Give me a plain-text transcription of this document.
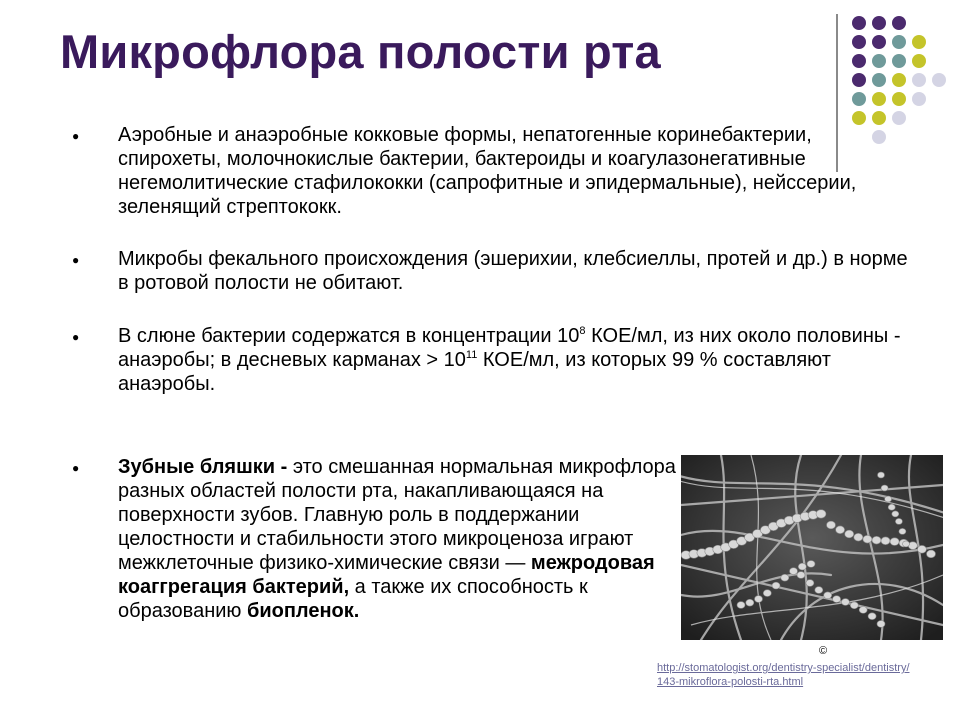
Микрофлора полости рта
● Аэробные и анаэробные кокковые формы, непатогенные коринебактерии, спирохеты, молочнокислые бактерии, бактероиды и коагулазонегативные негемолитические стафилококки (сапрофитные и эпидермальные), нейссерии, зеленящий стрептококк.
● Микробы фекального происхождения (эшерихии, клебсиеллы, протей и др.) в норме в ротовой полости не обитают.
● В слюне бактерии содержатся в концентрации $10^8$ КОЕ/мл, из них около половины - анаэробы; в десневых карманах > $10^{11}$ КОЕ/мл, из которых 99 % составляют анаэробы.
● Зубные бляшки - это смешанная нормальная микрофлора разных областей полости рта, накапливающаяся на поверхности зубов. Главную роль в поддержании целостности и стабильности этого микроценоза играют межклеточные физико-химические связи — межродовая коаггрегация бактерий, а также их способность к образованию биопленок.
©
http://stomatologist.org/dentistry-specialist/dentistry/
143-mikroflora-polosti-rta.html
